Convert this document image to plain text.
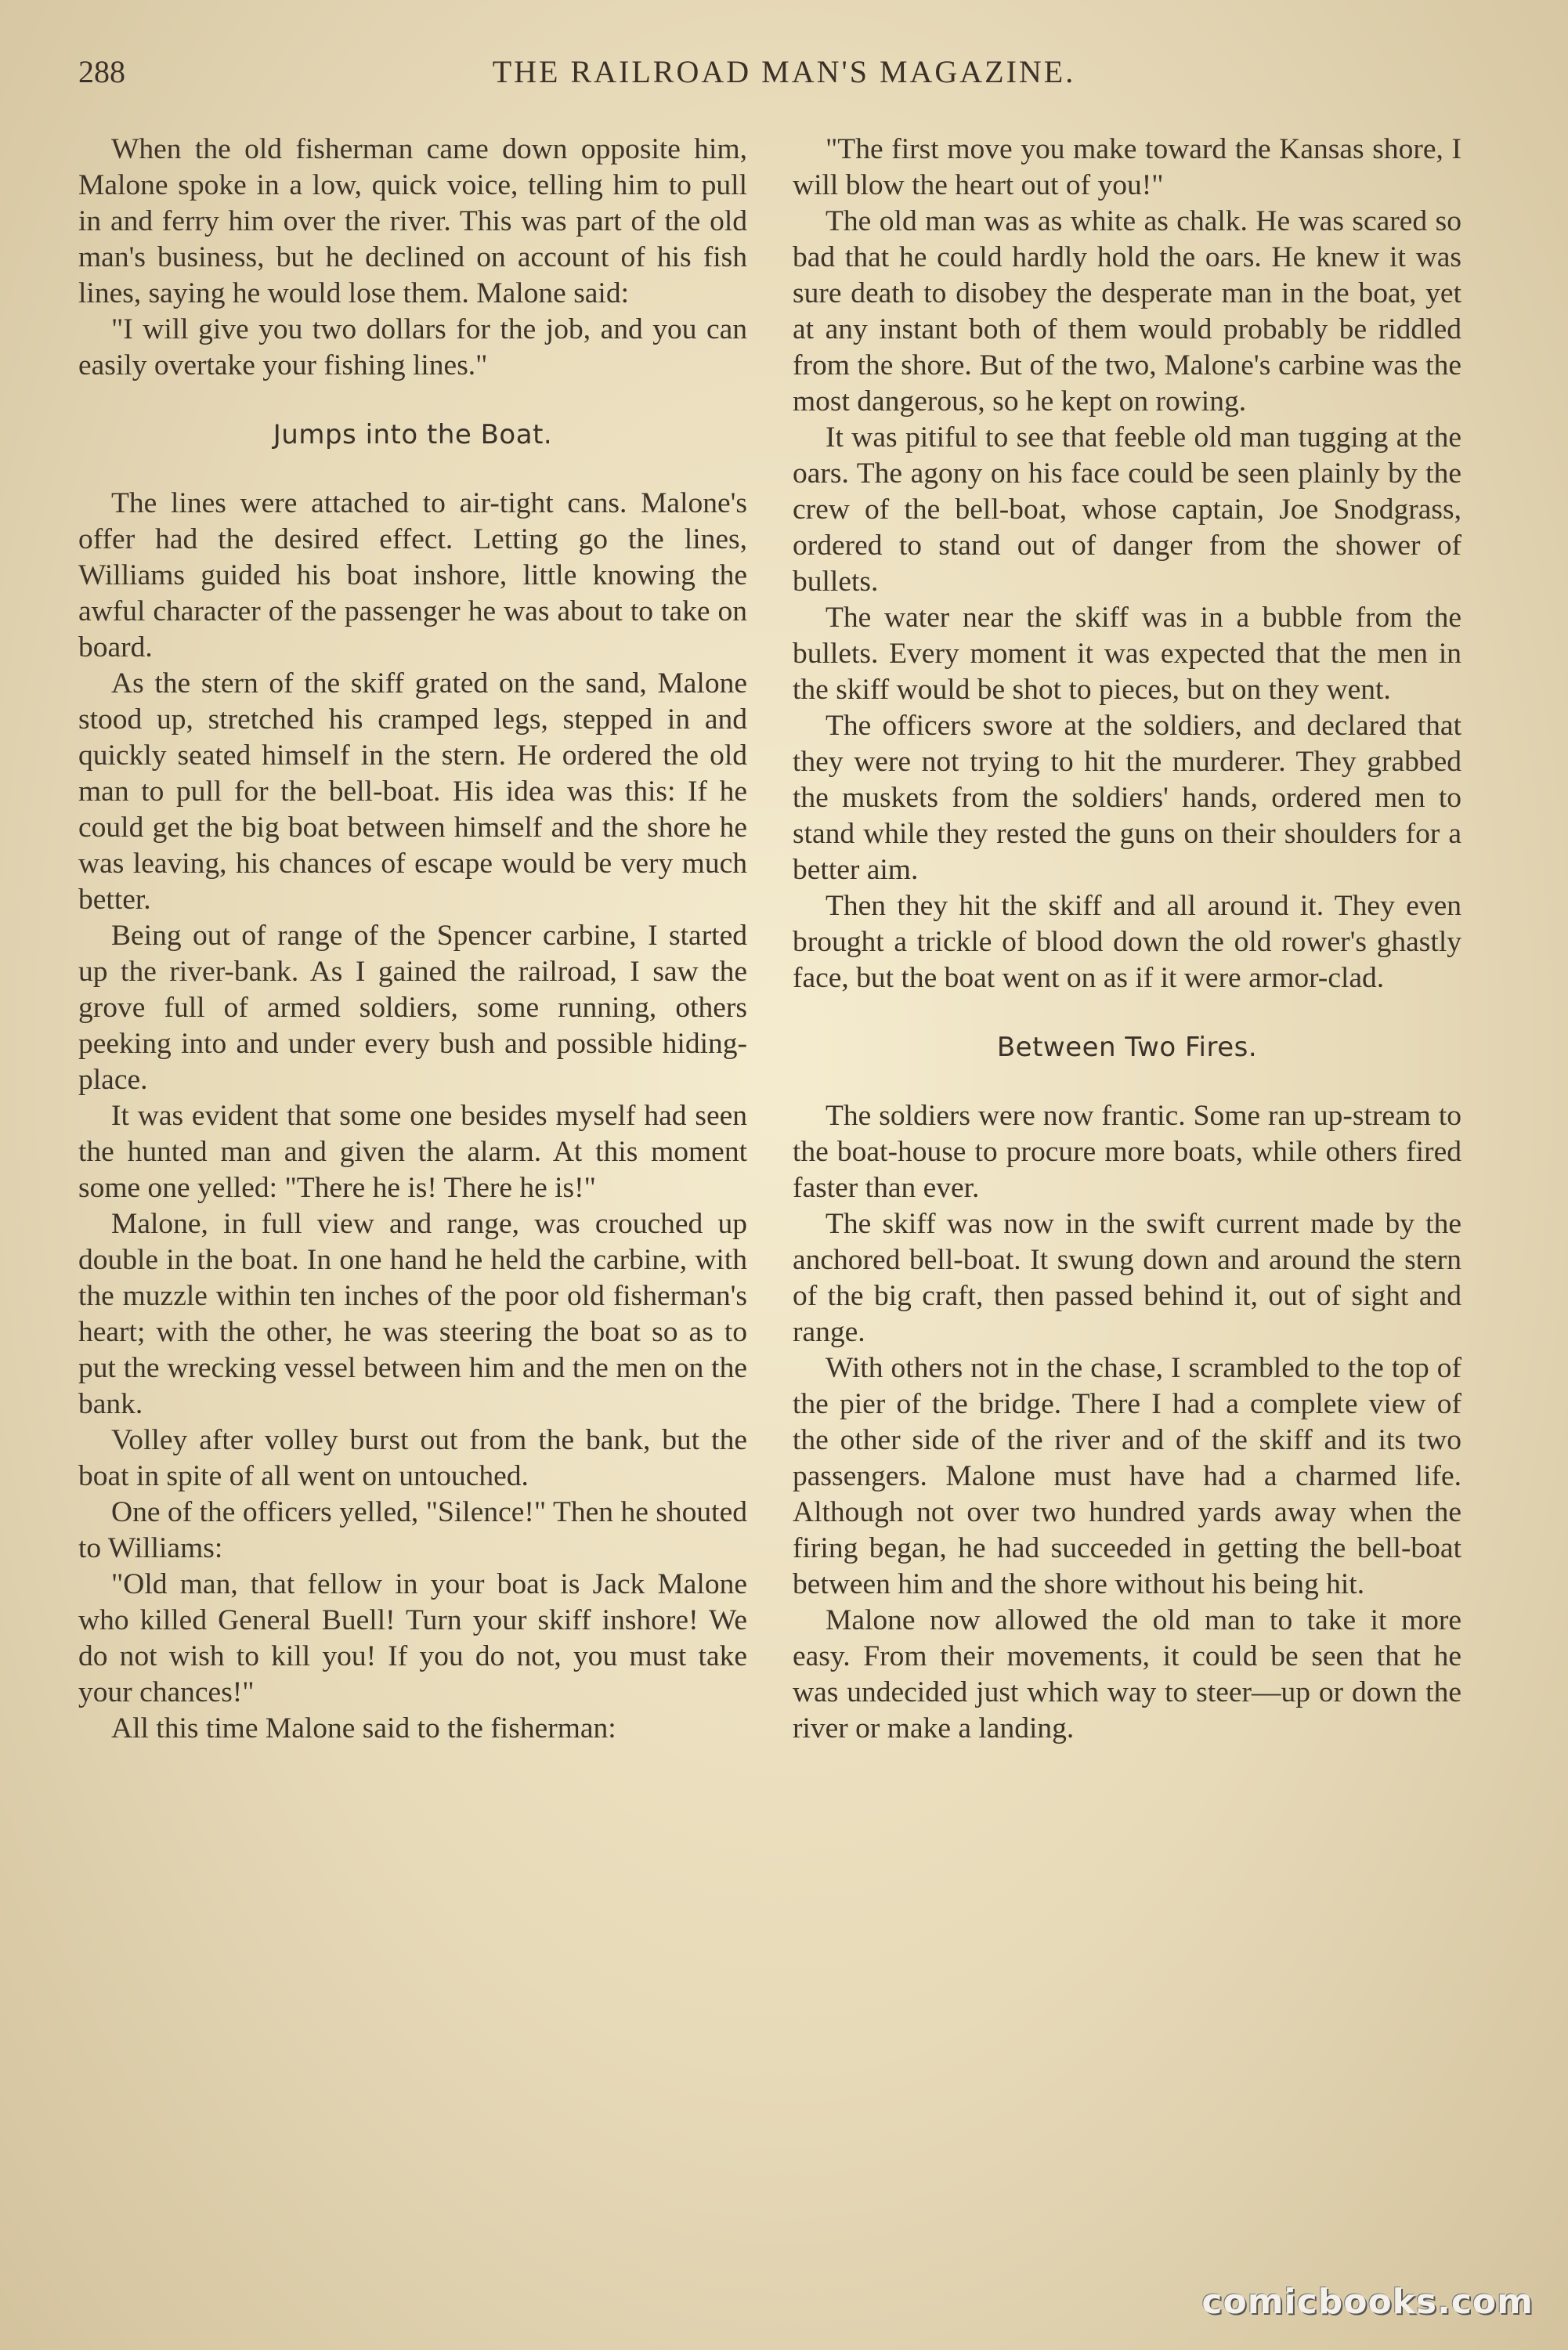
288	THE RAILROAD MAN'S MAGAZINE.

When the old fisherman came down opposite him, Malone spoke in a low, quick voice, telling him to pull in and ferry him over the river. This was part of the old man's business, but he declined on account of his fish lines, saying he would lose them. Malone said:

"I will give you two dollars for the job, and you can easily overtake your fishing lines."

Jumps into the Boat.

The lines were attached to air-tight cans. Malone's offer had the desired effect. Letting go the lines, Williams guided his boat inshore, little knowing the awful character of the passenger he was about to take on board.

As the stern of the skiff grated on the sand, Malone stood up, stretched his cramped legs, stepped in and quickly seated himself in the stern. He ordered the old man to pull for the bell-boat. His idea was this: If he could get the big boat between himself and the shore he was leaving, his chances of escape would be very much better.

Being out of range of the Spencer carbine, I started up the river-bank. As I gained the railroad, I saw the grove full of armed soldiers, some running, others peeking into and under every bush and possible hiding-place.

It was evident that some one besides myself had seen the hunted man and given the alarm. At this moment some one yelled: "There he is! There he is!"

Malone, in full view and range, was crouched up double in the boat. In one hand he held the carbine, with the muzzle within ten inches of the poor old fisherman's heart; with the other, he was steering the boat so as to put the wrecking vessel between him and the men on the bank.

Volley after volley burst out from the bank, but the boat in spite of all went on untouched.

One of the officers yelled, "Silence!" Then he shouted to Williams:

"Old man, that fellow in your boat is Jack Malone who killed General Buell! Turn your skiff inshore! We do not wish to kill you! If you do not, you must take your chances!"

All this time Malone said to the fisherman:

"The first move you make toward the Kansas shore, I will blow the heart out of you!"

The old man was as white as chalk. He was scared so bad that he could hardly hold the oars. He knew it was sure death to disobey the desperate man in the boat, yet at any instant both of them would probably be riddled from the shore. But of the two, Malone's carbine was the most dangerous, so he kept on rowing.

It was pitiful to see that feeble old man tugging at the oars. The agony on his face could be seen plainly by the crew of the bell-boat, whose captain, Joe Snodgrass, ordered to stand out of danger from the shower of bullets.

The water near the skiff was in a bubble from the bullets. Every moment it was expected that the men in the skiff would be shot to pieces, but on they went.

The officers swore at the soldiers, and declared that they were not trying to hit the murderer. They grabbed the muskets from the soldiers' hands, ordered men to stand while they rested the guns on their shoulders for a better aim.

Then they hit the skiff and all around it. They even brought a trickle of blood down the old rower's ghastly face, but the boat went on as if it were armor-clad.

Between Two Fires.

The soldiers were now frantic. Some ran up-stream to the boat-house to procure more boats, while others fired faster than ever.

The skiff was now in the swift current made by the anchored bell-boat. It swung down and around the stern of the big craft, then passed behind it, out of sight and range.

With others not in the chase, I scrambled to the top of the pier of the bridge. There I had a complete view of the other side of the river and of the skiff and its two passengers. Malone must have had a charmed life. Although not over two hundred yards away when the firing began, he had succeeded in getting the bell-boat between him and the shore without his being hit.

Malone now allowed the old man to take it more easy. From their movements, it could be seen that he was undecided just which way to steer—up or down the river or make a landing.

comicbooks.com
